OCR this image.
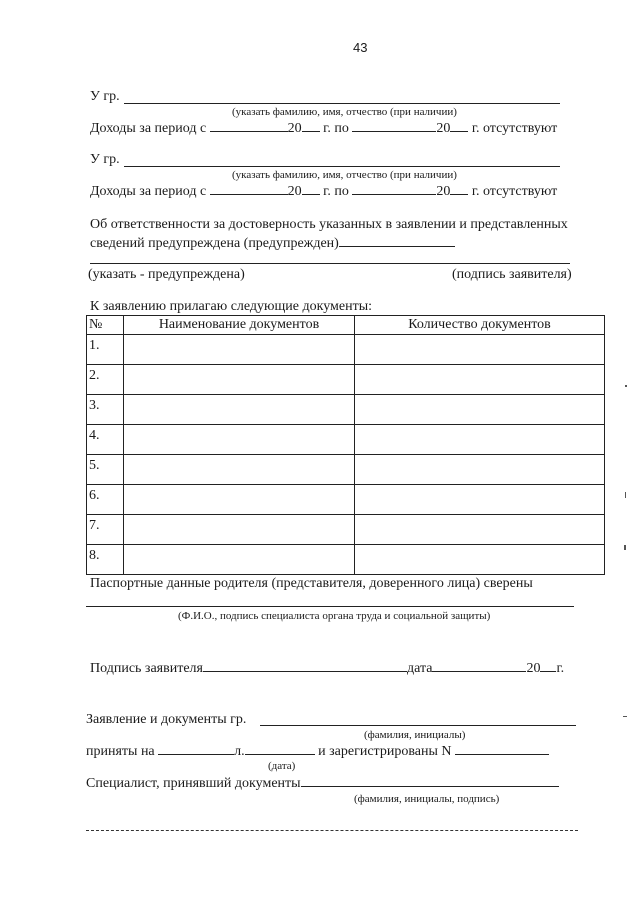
43
У гр.
(указать фамилию, имя, отчество (при наличии)
Доходы за период с	20 г. по	20 г. отсутствуют
У гр.
(указать фамилию, имя, отчество (при наличии)
Доходы за период с	20 г. по	20 г. отсутствуют
Об ответственности за достоверность указанных в заявлении и представленных
сведений предупреждена (предупрежден)
(указать - предупреждена)	(подпись заявителя)
К заявлению прилагаю следующие документы:
№	Наименование документов	Количество документов
1.		
2.		
3.		
4.		
5.		
6.		
7.		
8.		
Паспортные данные родителя (представителя, доверенного лица) сверены
(Ф.И.О., подпись специалиста органа труда и социальной защиты)
Подпись заявителя	дата	20 г.
Заявление и документы гр.
(фамилия, инициалы)
приняты на	л.	и зарегистрированы N
(дата)
Специалист, принявший документы
(фамилия, инициалы, подпись)
